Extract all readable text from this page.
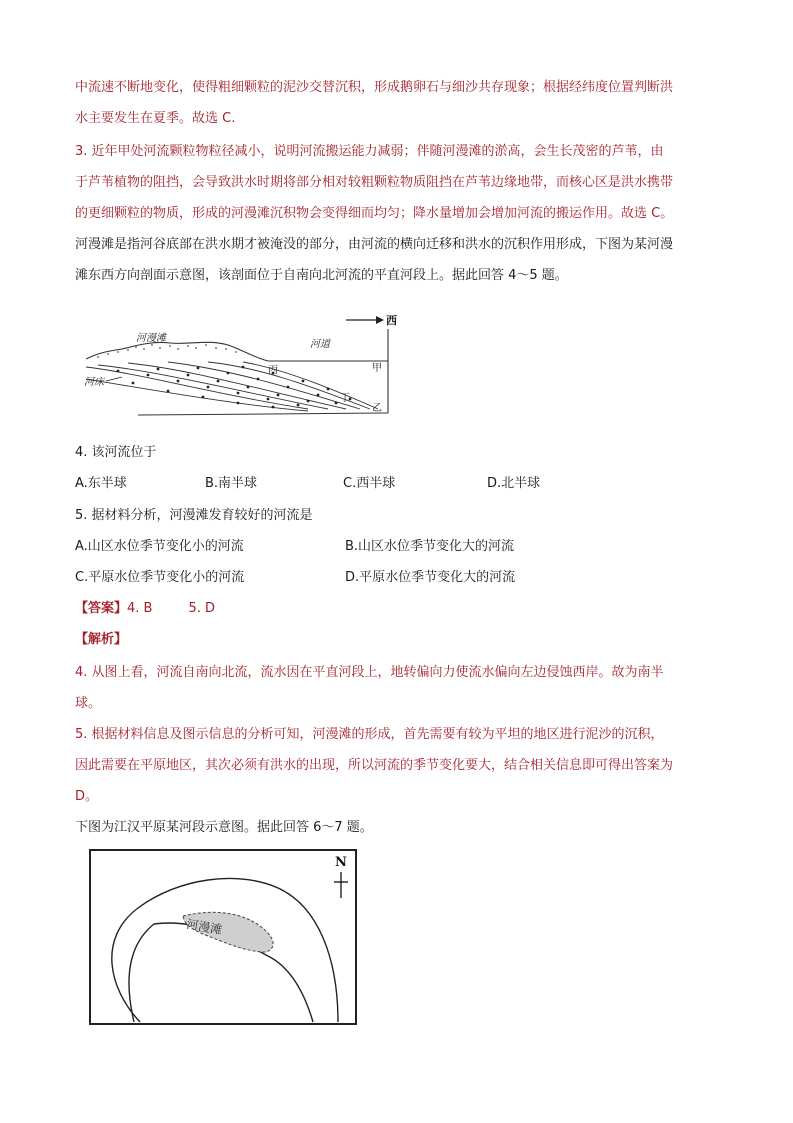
中流速不断地变化，使得粗细颗粒的泥沙交替沉积，形成鹅卵石与细沙共存现象；根据经纬度位置判断洪
水主要发生在夏季。故选 C.
3. 近年甲处河流颗粒物粒径减小，说明河流搬运能力减弱；伴随河漫滩的淤高，会生长茂密的芦苇，由
于芦苇植物的阻挡，会导致洪水时期将部分相对较粗颗粒物质阻挡在芦苇边缘地带，而核心区是洪水携带
的更细颗粒的物质，形成的河漫滩沉积物会变得细而均匀；降水量增加会增加河流的搬运作用。故选 C。
河漫滩是指河谷底部在洪水期才被淹没的部分，由河流的横向迁移和洪水的沉积作用形成，下图为某河漫
滩东西方向剖面示意图，该剖面位于自南向北河流的平直河段上。据此回答 4～5 题。
西
河漫滩
河道
河床
甲
乙
丙
丁
4. 该河流位于
A.东半球	B.南半球	C.西半球	D.北半球
5. 据材料分析，河漫滩发育较好的河流是
A.山区水位季节变化小的河流	B.山区水位季节变化大的河流
C.平原水位季节变化小的河流	D.平原水位季节变化大的河流
【答案】4. B	5. D
【解析】
4. 从图上看，河流自南向北流，流水因在平直河段上，地转偏向力使流水偏向左边侵蚀西岸。故为南半
球。
5. 根据材料信息及图示信息的分析可知，河漫滩的形成，首先需要有较为平坦的地区进行泥沙的沉积，
因此需要在平原地区，其次必须有洪水的出现，所以河流的季节变化要大，结合相关信息即可得出答案为
D。
下图为江汉平原某河段示意图。据此回答 6～7 题。
河漫滩
N
